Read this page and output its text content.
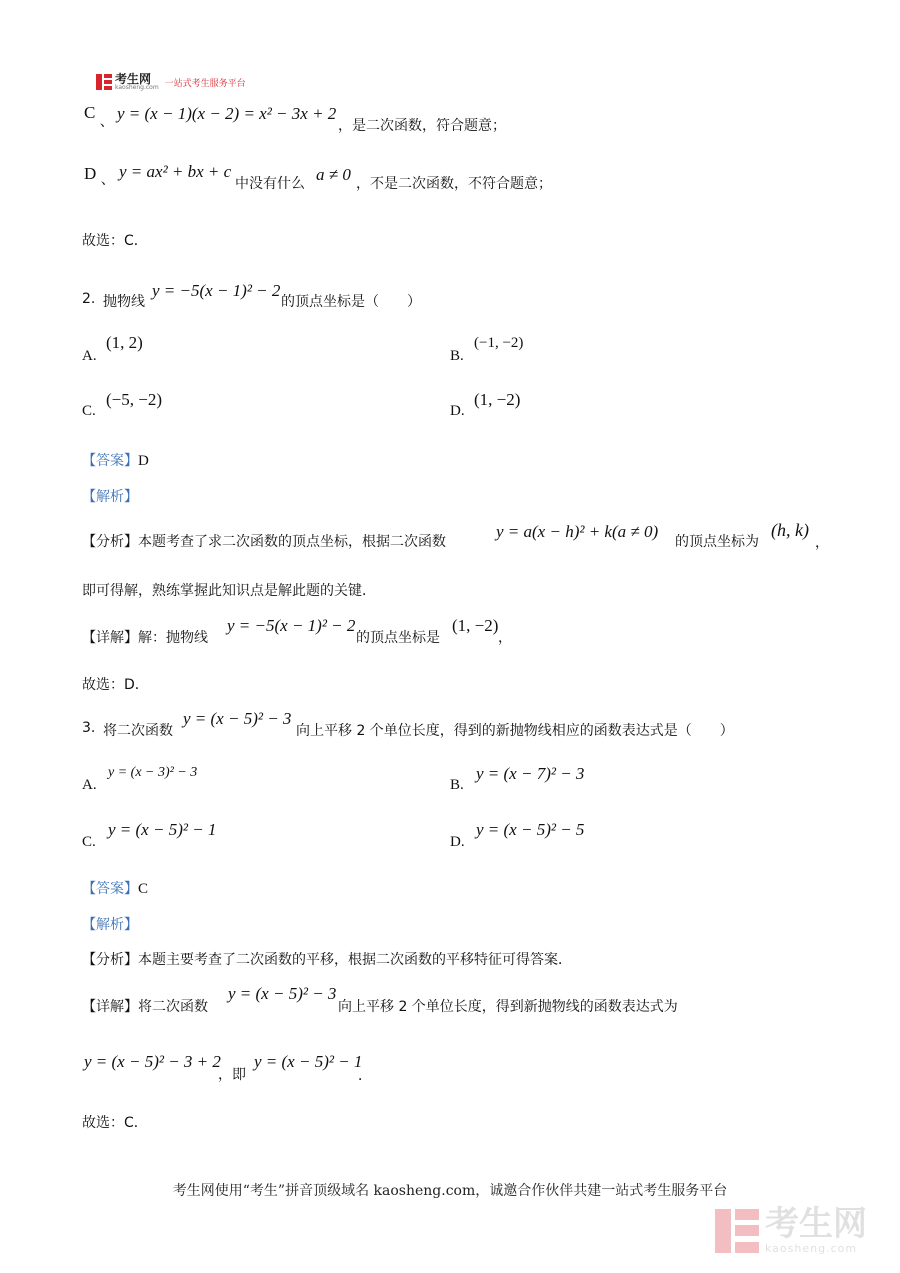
考生网
kaosheng.com 一站式考生服务平台
C 、 y = (x − 1)(x − 2) = x² − 3x + 2
，是二次函数，符合题意；
D 、 y = ax² + bx + c
中没有什么 a ≠ 0 ，不是二次函数，不符合题意；
故选：C．
2. 抛物线
y = −5(x − 1)² − 2
的顶点坐标是（　　）
A.
(1, 2)
B.
(−1, −2)
C.
(−5, −2)
D.
(1, −2)
【答案】D
【解析】
【分析】本题考查了求二次函数的顶点坐标，根据二次函数
y = a(x − h)² + k(a ≠ 0)
的顶点坐标为
(h, k)
，
即可得解，熟练掌握此知识点是解此题的关键．
【详解】解：抛物线
y = −5(x − 1)² − 2
的顶点坐标是
(1, −2)
，
故选：D．
3. 将二次函数
y = (x − 5)² − 3
向上平移 2 个单位长度，得到的新抛物线相应的函数表达式是（　　）
A.
y = (x − 3)² − 3
B.
y = (x − 7)² − 3
C.
y = (x − 5)² − 1
D.
y = (x − 5)² − 5
【答案】C
【解析】
【分析】本题主要考查了二次函数的平移，根据二次函数的平移特征可得答案．
【详解】将二次函数
y = (x − 5)² − 3
向上平移 2 个单位长度，得到新抛物线的函数表达式为
y = (x − 5)² − 3 + 2
，即
y = (x − 5)² − 1
．
故选：C．
考生网使用“考生”拼音顶级域名 kaosheng.com，诚邀合作伙伴共建一站式考生服务平台
考生网
kaosheng.com
